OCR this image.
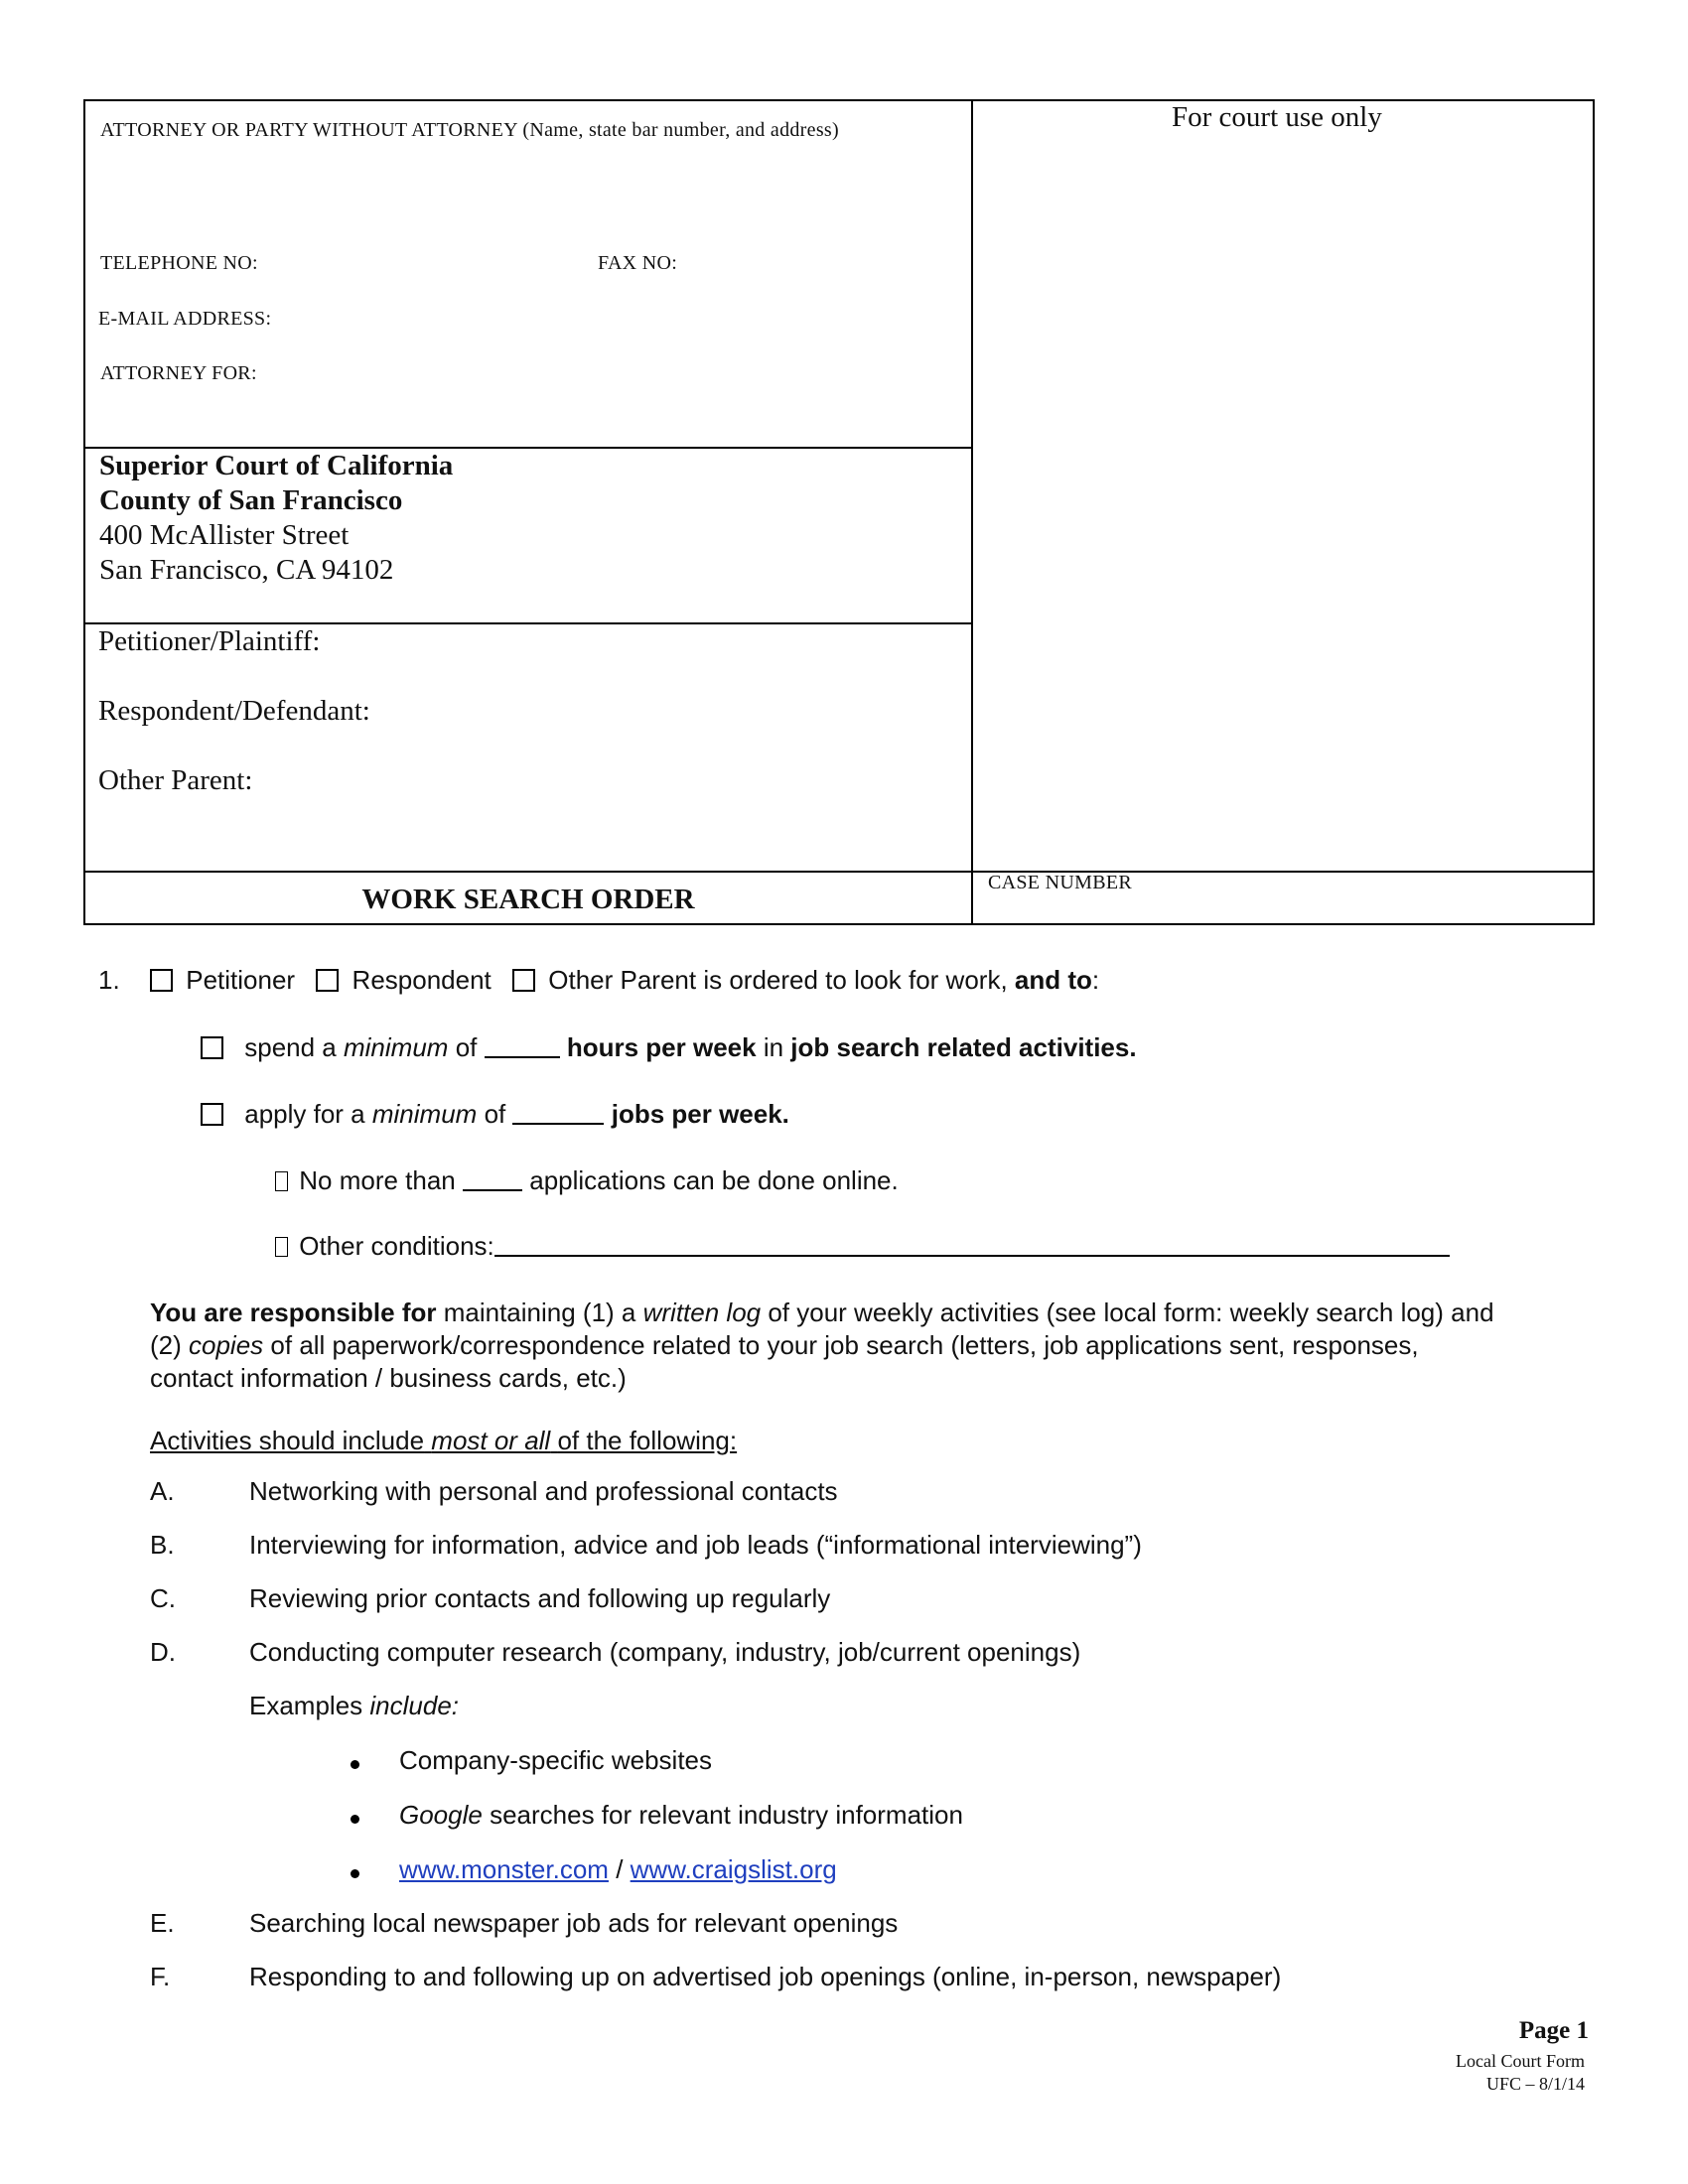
ATTORNEY OR PARTY WITHOUT ATTORNEY (Name, state bar number, and address)	For court use only
TELEPHONE NO:	FAX NO:
E-MAIL ADDRESS:
ATTORNEY FOR:
Superior Court of California
County of San Francisco
400 McAllister Street
San Francisco, CA 94102
Petitioner/Plaintiff:
Respondent/Defendant:
Other Parent:
WORK SEARCH ORDER
CASE NUMBER
1.	Petitioner Respondent Other Parent is ordered to look for work, and to:
spend a minimum of	hours per week in job search related activities.
apply for a minimum of	jobs per week.
No more than	applications can be done online.
Other conditions:
You are responsible for maintaining (1) a written log of your weekly activities (see local form: weekly search log) and
(2) copies of all paperwork/correspondence related to your job search (letters, job applications sent, responses,
contact information / business cards, etc.)
Activities should include most or all of the following:
A.	Networking with personal and professional contacts
B.	Interviewing for information, advice and job leads (“informational interviewing”)
C.	Reviewing prior contacts and following up regularly
D.	Conducting computer research (company, industry, job/current openings)
Examples include:
Company-specific websites
Google searches for relevant industry information
www.monster.com / www.craigslist.org
E.	Searching local newspaper job ads for relevant openings
F.	Responding to and following up on advertised job openings (online, in-person, newspaper)
Page 1
Local Court Form
UFC – 8/1/14
